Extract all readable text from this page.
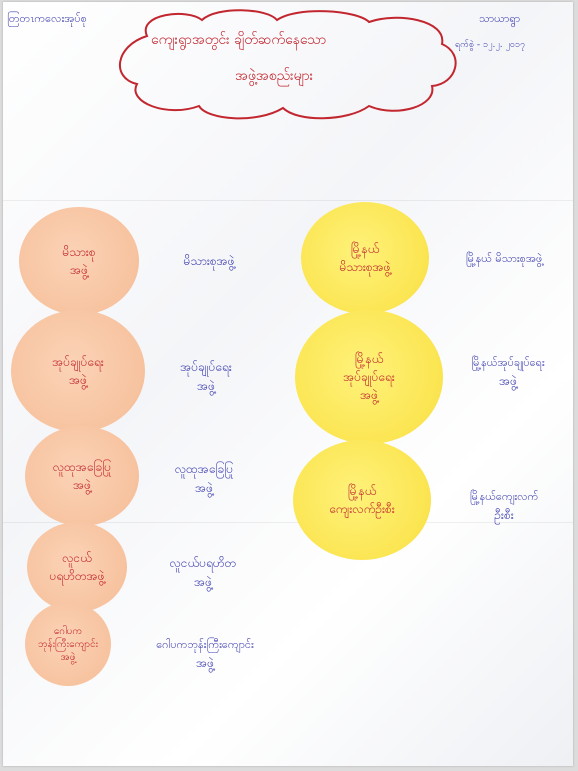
တြတၤကလေးအုပ်စု
ကျေးရွာအတွင်း ချိတ်ဆက်နေသော
အဖွဲ့အစည်းများ
သာယာရွာ
ရက်စွဲ - ၁၂.၂. ၂၀၁၇
မိသားစု
အဖွဲ့
အုပ်ချုပ်ရေး
အဖွဲ့
လူထုအခြေပြု
အဖွဲ့
လူငယ်
ပရဟိတအဖွဲ့
ဂေါပက
ဘုန်းကြီးကျောင်း
အဖွဲ့
မိသားစုအဖွဲ့
အုပ်ချုပ်ရေး
အဖွဲ့
လူထုအခြေပြု
အဖွဲ့
လူငယ်ပရဟိတ
အဖွဲ့
ဂေါပကဘုန်းကြီးကျောင်း
အဖွဲ့
မြို့နယ်
မိသားစုအဖွဲ့
မြို့နယ်
အုပ်ချုပ်ရေး
အဖွဲ့
မြို့နယ်
ကျေးလက်ဦးစီး
မြို့နယ် မိသားစုအဖွဲ့
မြို့နယ်အုပ်ချုပ်ရေး
အဖွဲ့
မြို့နယ်ကျေးလက်
ဦးစီး
